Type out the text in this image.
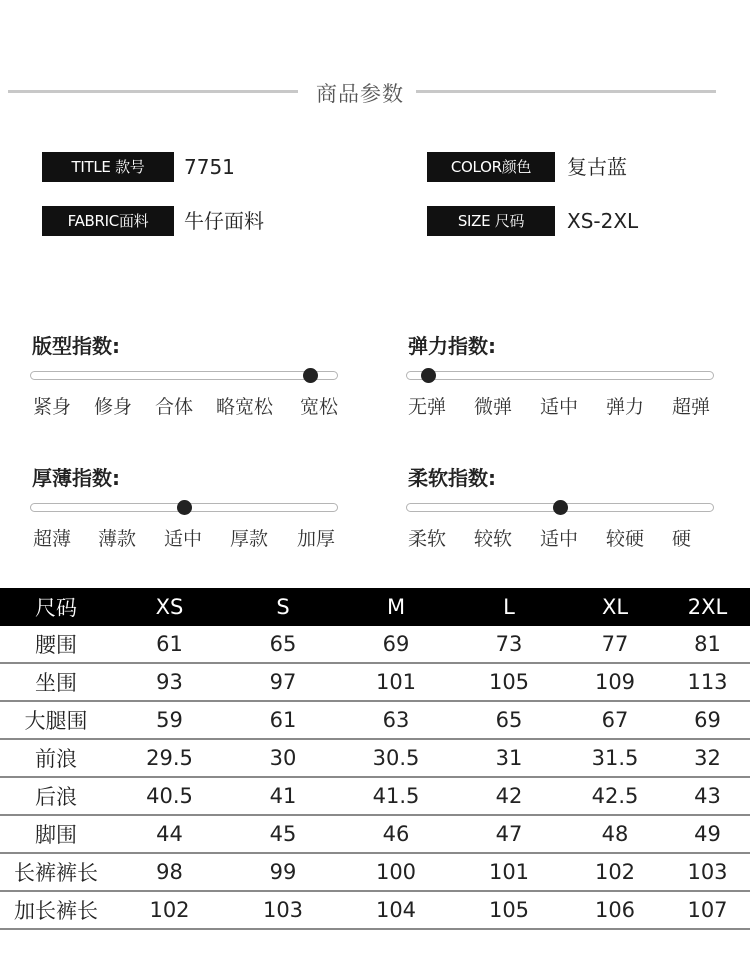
商品参数
TITLE 款号	7751	COLOR颜色	复古蓝
FABRIC面料	牛仔面料	SIZE 尺码	XS-2XL
版型指数:
紧身 修身 合体 略宽松 宽松
弹力指数:
无弹 微弹 适中 弹力 超弹
厚薄指数:
超薄 薄款 适中 厚款 加厚
柔软指数:
柔软 较软 适中 较硬 硬
尺码	XS	S	M	L	XL	2XL
腰围	61	65	69	73	77	81
坐围	93	97	101	105	109	113
大腿围	59	61	63	65	67	69
前浪	29.5	30	30.5	31	31.5	32
后浪	40.5	41	41.5	42	42.5	43
脚围	44	45	46	47	48	49
长裤裤长	98	99	100	101	102	103
加长裤长	102	103	104	105	106	107
